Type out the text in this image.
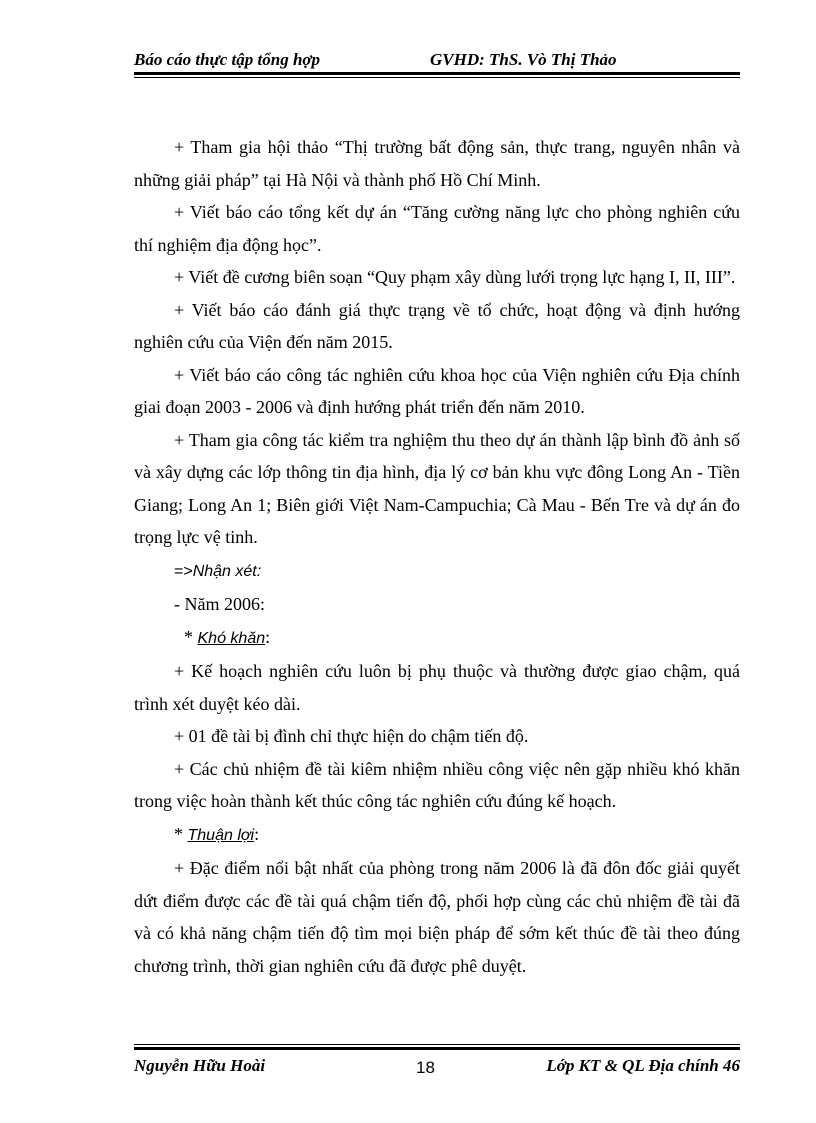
Báo cáo thực tập tổng hợp	GVHD: ThS. Vò Thị Thảo

+ Tham gia hội thảo “Thị trường bất động sản, thực trang, nguyên nhân và những giải pháp” tại Hà Nội và thành phố Hồ Chí Minh.

+ Viết báo cáo tổng kết dự án “Tăng cường năng lực cho phòng nghiên cứu thí nghiệm địa động học”.

+ Viết đề cương biên soạn “Quy phạm xây dùng lưới trọng lực hạng I, II, III”.

+ Viết báo cáo đánh giá thực trạng về tổ chức, hoạt động và định hướng nghiên cứu của Viện đến năm 2015.

+ Viết báo cáo công tác nghiên cứu khoa học của Viện nghiên cứu Địa chính giai đoạn 2003 - 2006 và định hướng phát triển đến năm 2010.

+ Tham gia công tác kiểm tra nghiệm thu theo dự án thành lập bình đồ ảnh số và xây dựng các lớp thông tin địa hình, địa lý cơ bản khu vực đông Long An - Tiền Giang; Long An 1; Biên giới Việt Nam-Campuchia; Cà Mau - Bến Tre và dự án đo trọng lực vệ tinh.

=>Nhận xét:

- Năm 2006:

* Khó khăn:

+ Kế hoạch nghiên cứu luôn bị phụ thuộc và thường được giao chậm, quá trình xét duyệt kéo dài.

+ 01 đề tài bị đình chỉ thực hiện do chậm tiến độ.

+ Các chủ nhiệm đề tài kiêm nhiệm nhiều công việc nên gặp nhiều khó khăn trong việc hoàn thành kết thúc công tác nghiên cứu đúng kế hoạch.

* Thuận lợi:

+ Đặc điểm nổi bật nhất của phòng trong năm 2006 là đã đôn đốc giải quyết dứt điểm được các đề tài quá chậm tiến độ, phối hợp cùng các chủ nhiệm đề tài đã và có khả năng chậm tiến độ tìm mọi biện pháp để sớm kết thúc đề tài theo đúng chương trình, thời gian nghiên cứu đã được phê duyệt.

Nguyễn Hữu Hoài	18	Lớp KT & QL Địa chính 46
